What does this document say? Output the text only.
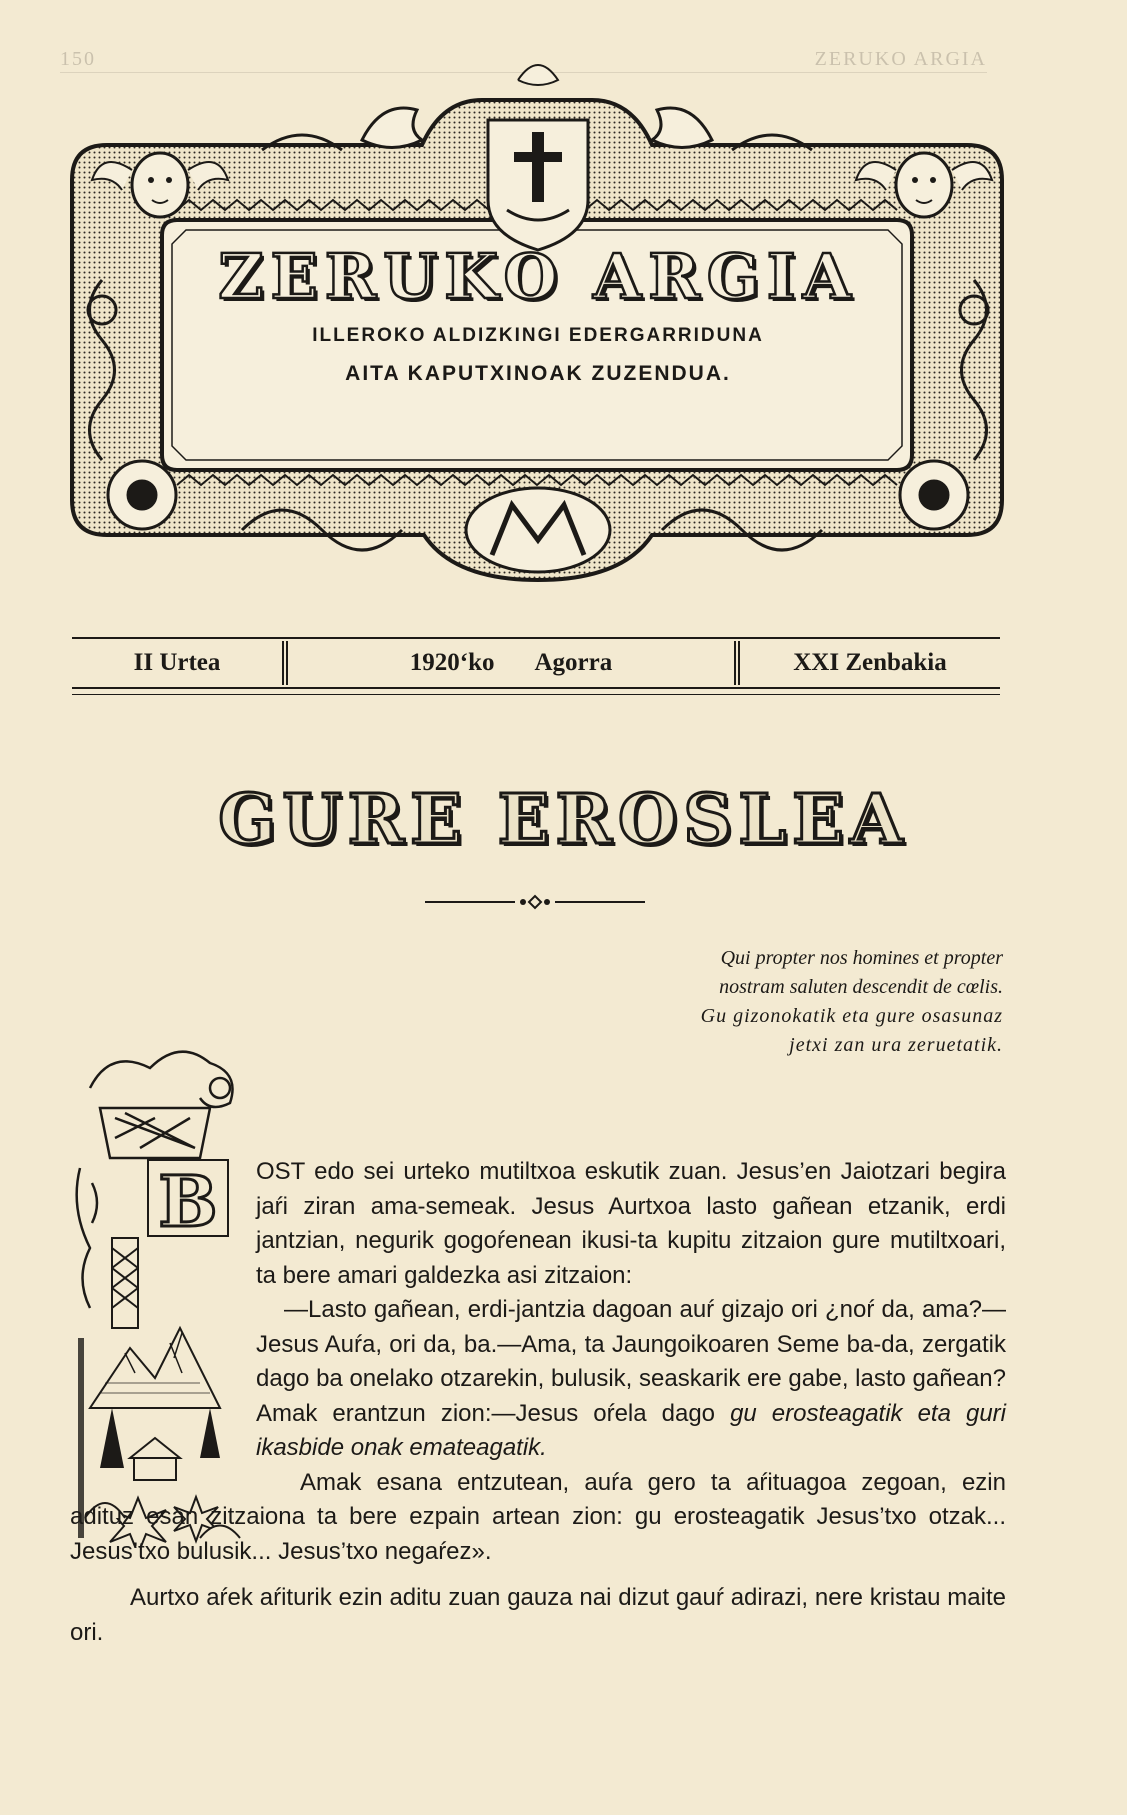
150	ZERUKO ARGIA
ZERUKO ARGIA
ILLEROKO ALDIZKINGI EDERGARRIDUNA
AITA KAPUTXINOAK ZUZENDUA.
II Urtea	1920‘ko Agorra	XXI Zenbakia
GURE EROSLEA
Qui propter nos homines et propter
nostram saluten descendit de cœlis.
Gu gizonokatik eta gure osasunaz
jetxi zan ura zeruetatik.
B OST edo sei urteko mutiltxoa eskutik zuan. Jesus’en Jaiotzari begira jaŕi ziran ama-semeak. Jesus Aurtxoa lasto gañean etzanik, erdi jantzian, negurik gogoŕenean ikusi-ta kupitu zitzaion gure mutiltxoari, ta bere amari galdezka asi zitzaion:

—Lasto gañean, erdi-jantzia dagoan auŕ gizajo ori ¿noŕ da, ama?—Jesus Auŕa, ori da, ba.—Ama, ta Jaungoikoaren Seme ba-da, zergatik dago ba onelako otzarekin, bulusik, seaskarik ere gabe, lasto gañean? Amak erantzun zion:—Jesus oŕela dago gu erosteagatik eta guri ikasbide onak emateagatik.

Amak esana entzutean, auŕa gero ta aŕituagoa zegoan, ezin adituz esan zitzaiona ta bere ezpain artean zion: gu erosteagatik Jesus’txo otzak... Jesus’txo bulusik... Jesus’txo negaŕez».

Aurtxo aŕek aŕiturik ezin aditu zuan gauza nai dizut gauŕ adirazi, nere kristau maite ori.
